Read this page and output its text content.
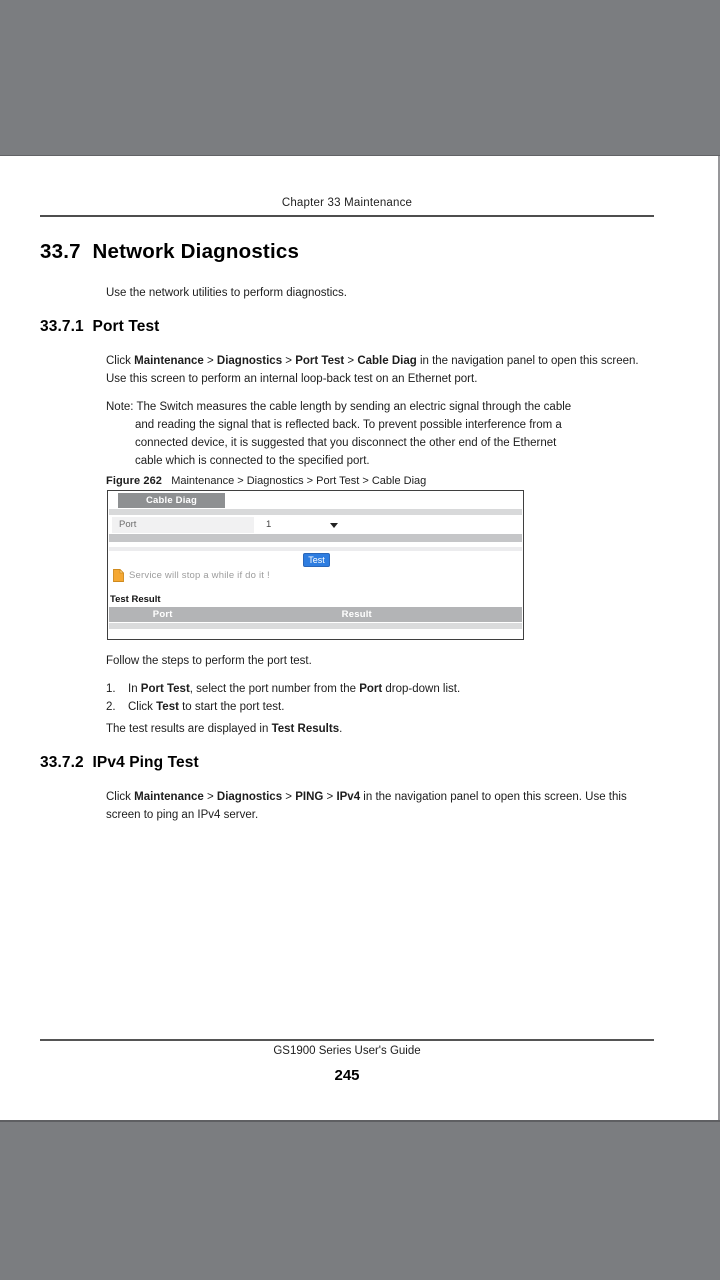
Chapter 33 Maintenance
33.7  Network Diagnostics

Use the network utilities to perform diagnostics.

33.7.1  Port Test

Click Maintenance > Diagnostics > Port Test > Cable Diag in the navigation panel to open this screen.
Use this screen to perform an internal loop-back test on an Ethernet port.

Note: The Switch measures the cable length by sending an electric signal through the cable
and reading the signal that is reflected back. To prevent possible interference from a
connected device, it is suggested that you disconnect the other end of the Ethernet
cable which is connected to the specified port.

Figure 262   Maintenance > Diagnostics > Port Test > Cable Diag

Cable Diag
Port	1
Test
Service will stop a while if do it !
Test Result
Port	Result

Follow the steps to perform the port test.

1.	In Port Test, select the port number from the Port drop-down list.
2.	Click Test to start the port test.

The test results are displayed in Test Results.

33.7.2  IPv4 Ping Test

Click Maintenance > Diagnostics > PING > IPv4 in the navigation panel to open this screen. Use this
screen to ping an IPv4 server.

GS1900 Series User's Guide
245
